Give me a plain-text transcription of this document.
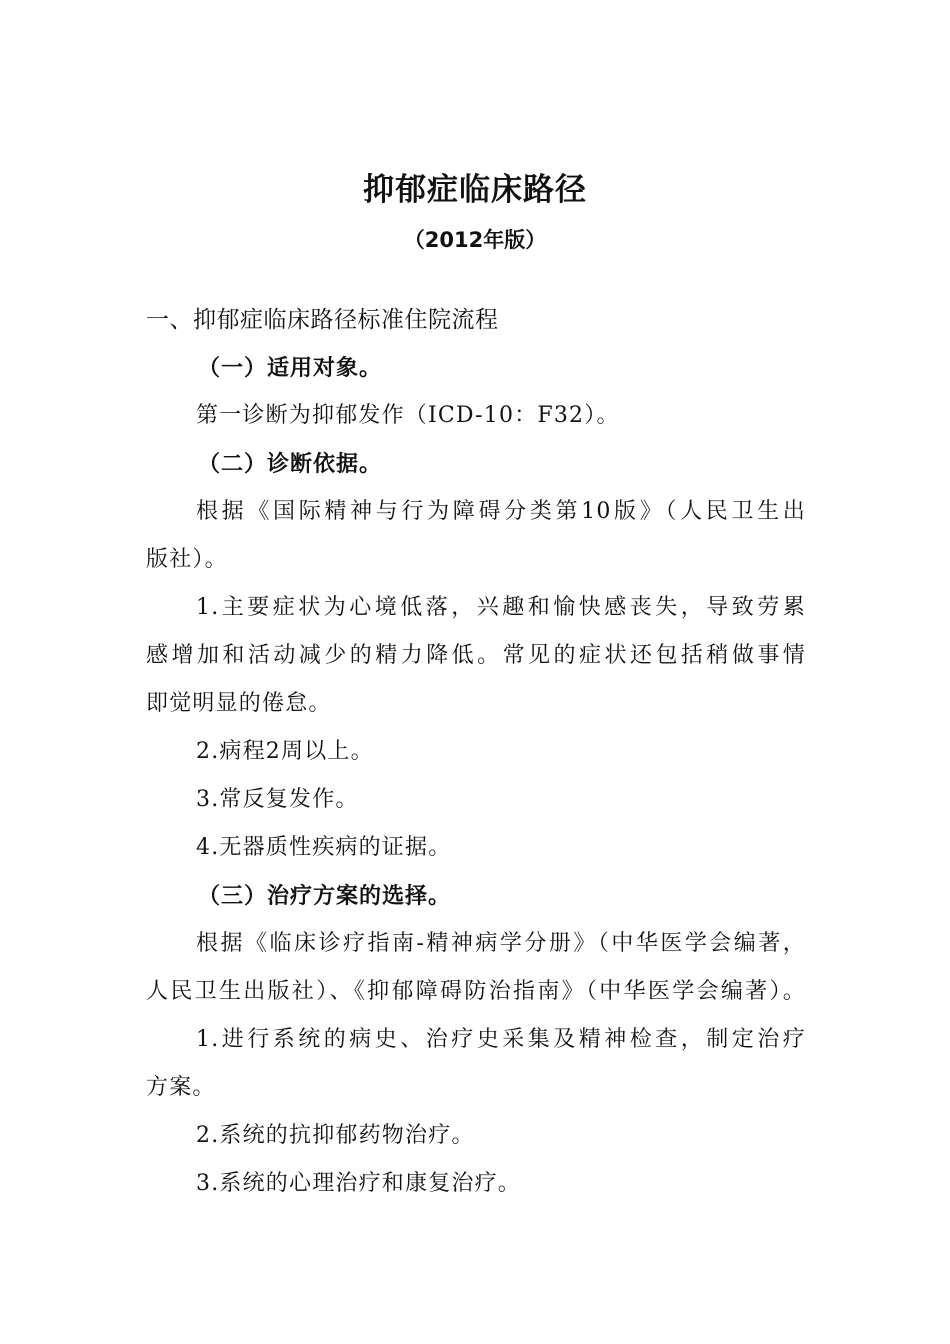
抑郁症临床路径
（2012年版）

一、抑郁症临床路径标准住院流程

（一）适用对象。

第一诊断为抑郁发作（ICD-10：F32）。

（二）诊断依据。

根据《国际精神与行为障碍分类第10版》（人民卫生出

版社）。

1.主要症状为心境低落，兴趣和愉快感丧失，导致劳累

感增加和活动减少的精力降低。常见的症状还包括稍做事情

即觉明显的倦怠。

2.病程2周以上。

3.常反复发作。

4.无器质性疾病的证据。

（三）治疗方案的选择。

根据《临床诊疗指南-精神病学分册》（中华医学会编著，

人民卫生出版社）、《抑郁障碍防治指南》（中华医学会编著）。

1.进行系统的病史、治疗史采集及精神检查，制定治疗

方案。

2.系统的抗抑郁药物治疗。

3.系统的心理治疗和康复治疗。
